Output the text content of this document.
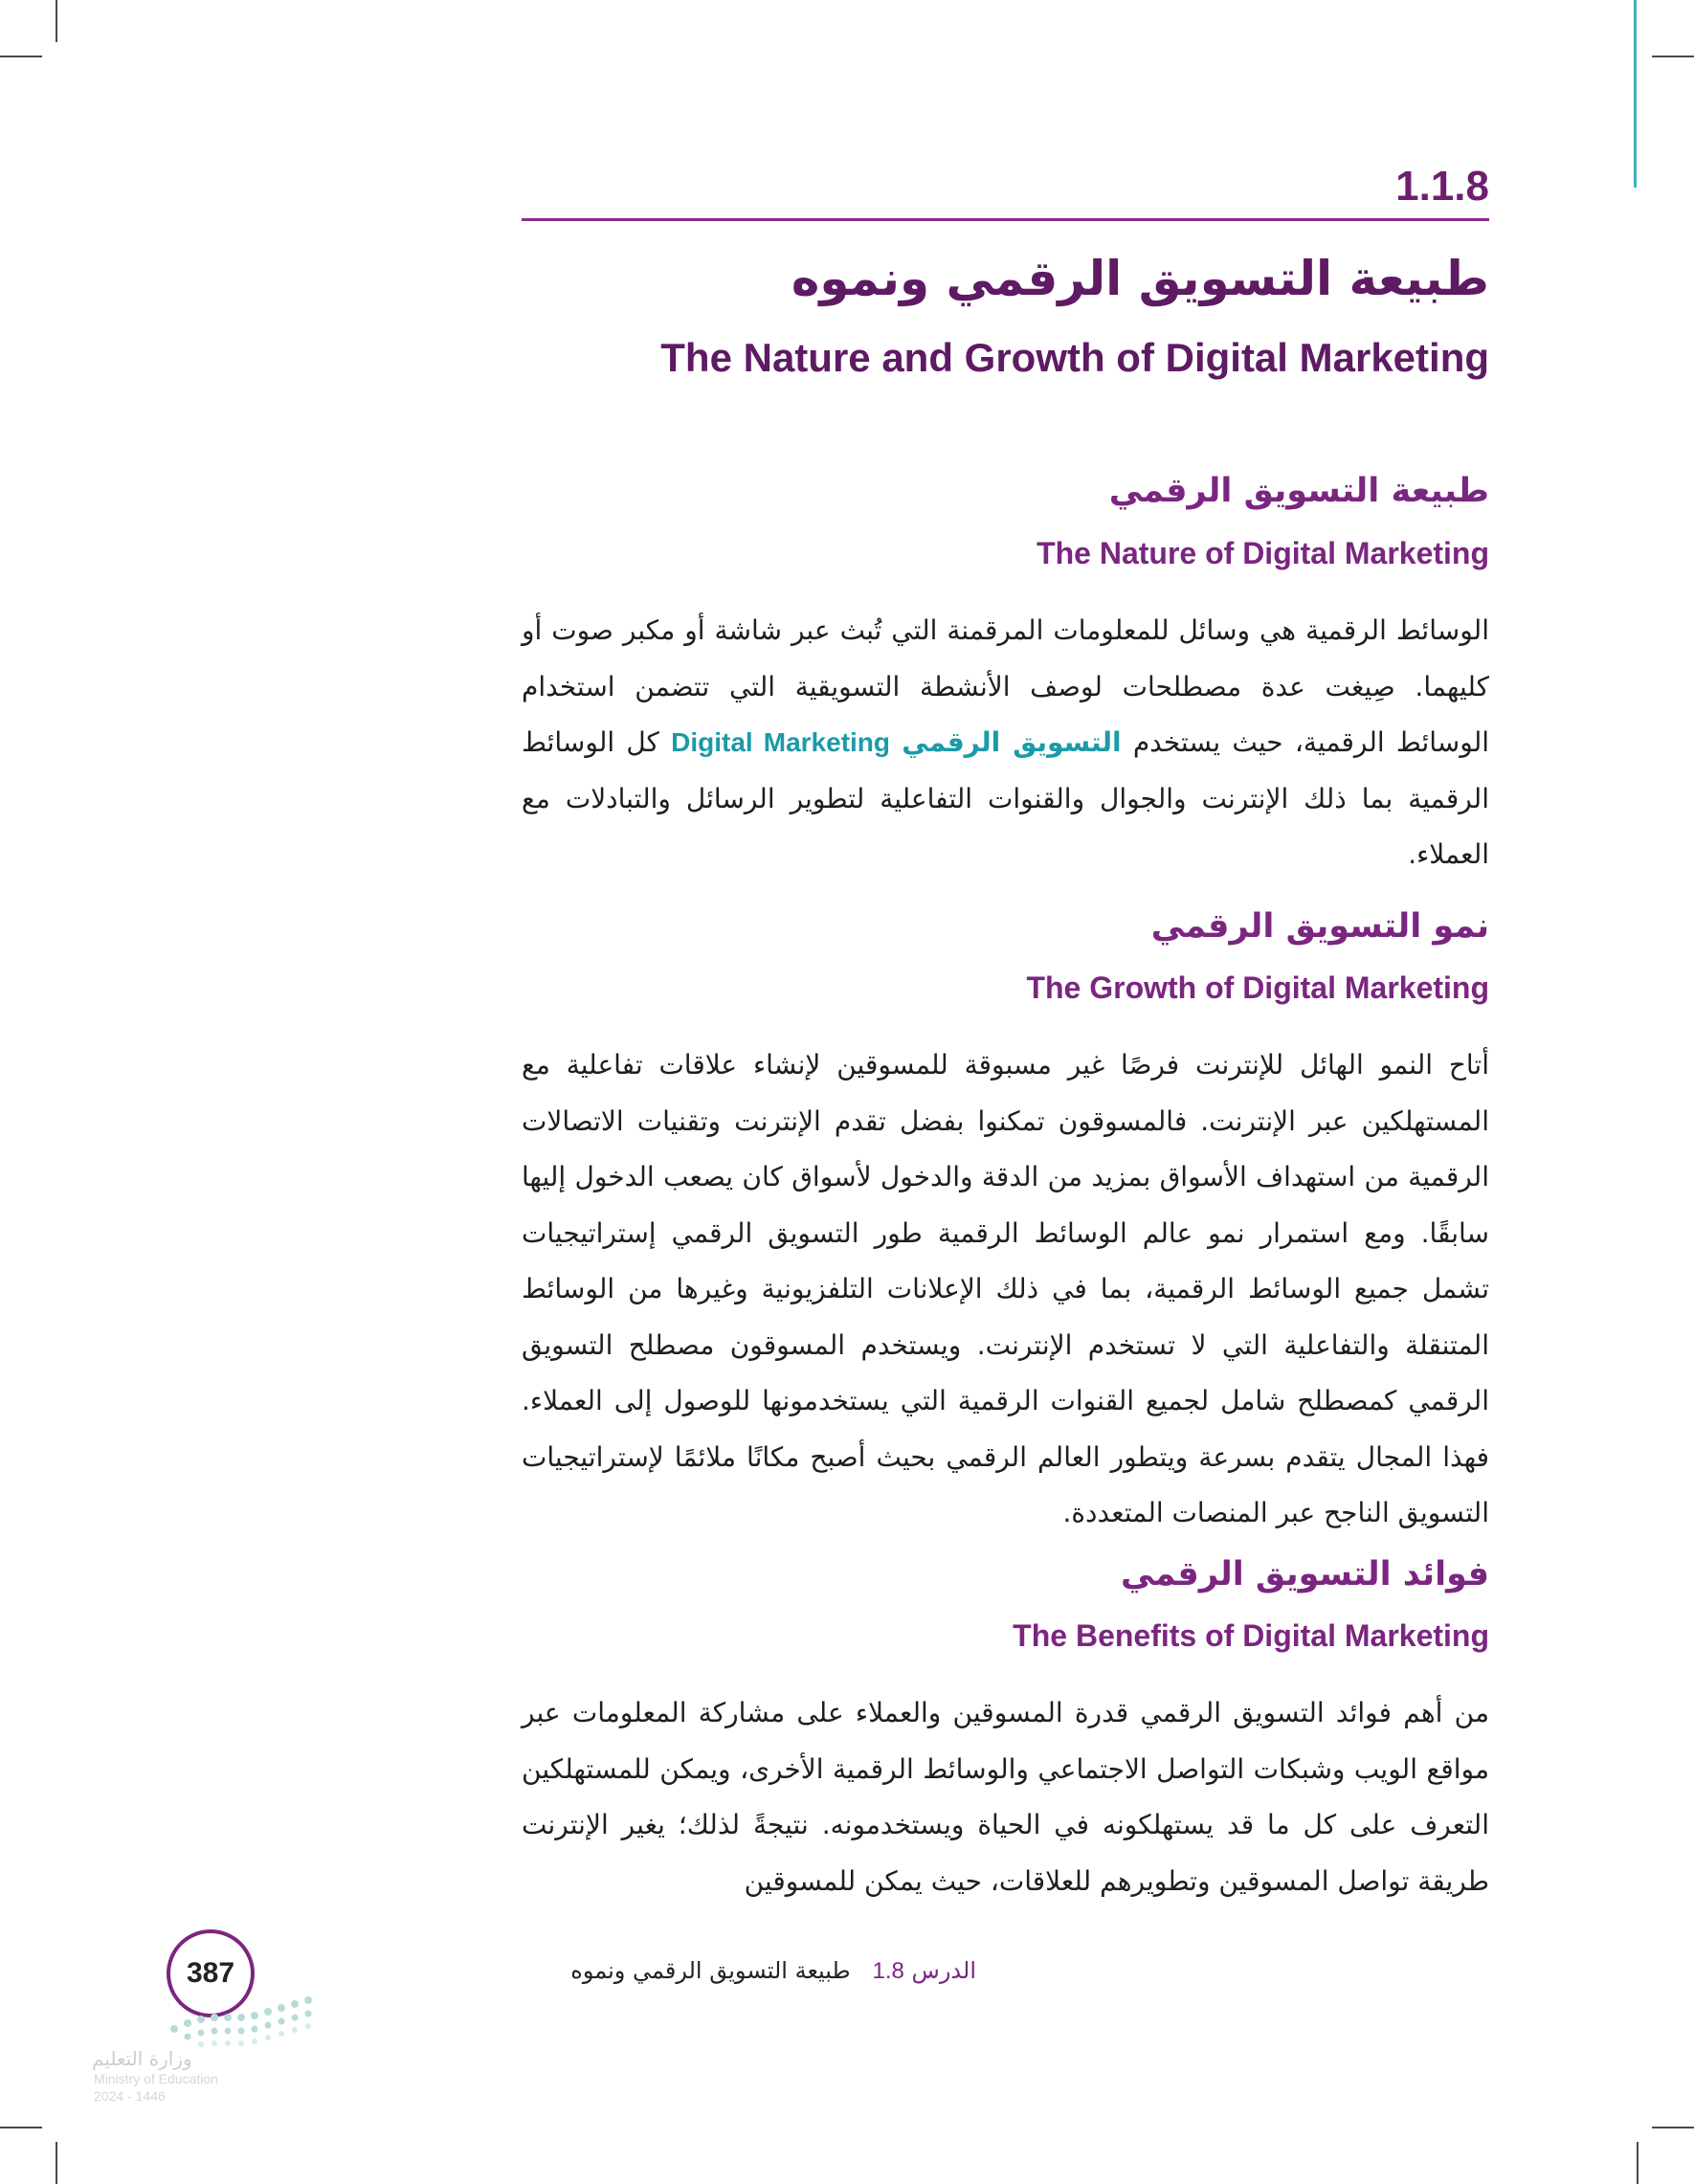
1.1.8
طبيعة التسويق الرقمي ونموه
The Nature and Growth of Digital Marketing
طبيعة التسويق الرقمي
The Nature of Digital Marketing
الوسائط الرقمية هي وسائل للمعلومات المرقمنة التي تُبث عبر شاشة أو مكبر صوت أو كليهما. صِيغت عدة مصطلحات لوصف الأنشطة التسويقية التي تتضمن استخدام الوسائط الرقمية، حيث يستخدم التسويق الرقمي Digital Marketing كل الوسائط الرقمية بما ذلك الإنترنت والجوال والقنوات التفاعلية لتطوير الرسائل والتبادلات مع العملاء.
نمو التسويق الرقمي
The Growth of Digital Marketing
أتاح النمو الهائل للإنترنت فرصًا غير مسبوقة للمسوقين لإنشاء علاقات تفاعلية مع المستهلكين عبر الإنترنت. فالمسوقون تمكنوا بفضل تقدم الإنترنت وتقنيات الاتصالات الرقمية من استهداف الأسواق بمزيد من الدقة والدخول لأسواق كان يصعب الدخول إليها سابقًا. ومع استمرار نمو عالم الوسائط الرقمية طور التسويق الرقمي إستراتيجيات تشمل جميع الوسائط الرقمية، بما في ذلك الإعلانات التلفزيونية وغيرها من الوسائط المتنقلة والتفاعلية التي لا تستخدم الإنترنت. ويستخدم المسوقون مصطلح التسويق الرقمي كمصطلح شامل لجميع القنوات الرقمية التي يستخدمونها للوصول إلى العملاء. فهذا المجال يتقدم بسرعة ويتطور العالم الرقمي بحيث أصبح مكانًا ملائمًا لإستراتيجيات التسويق الناجح عبر المنصات المتعددة.
فوائد التسويق الرقمي
The Benefits of Digital Marketing
من أهم فوائد التسويق الرقمي قدرة المسوقين والعملاء على مشاركة المعلومات عبر مواقع الويب وشبكات التواصل الاجتماعي والوسائط الرقمية الأخرى، ويمكن للمستهلكين التعرف على كل ما قد يستهلكونه في الحياة ويستخدمونه. نتيجةً لذلك؛ يغير الإنترنت طريقة تواصل المسوقين وتطويرهم للعلاقات، حيث يمكن للمسوقين
387	الدرس 1.8   طبيعة التسويق الرقمي ونموه
وزارة التعليم
Ministry of Education
2024 - 1446
